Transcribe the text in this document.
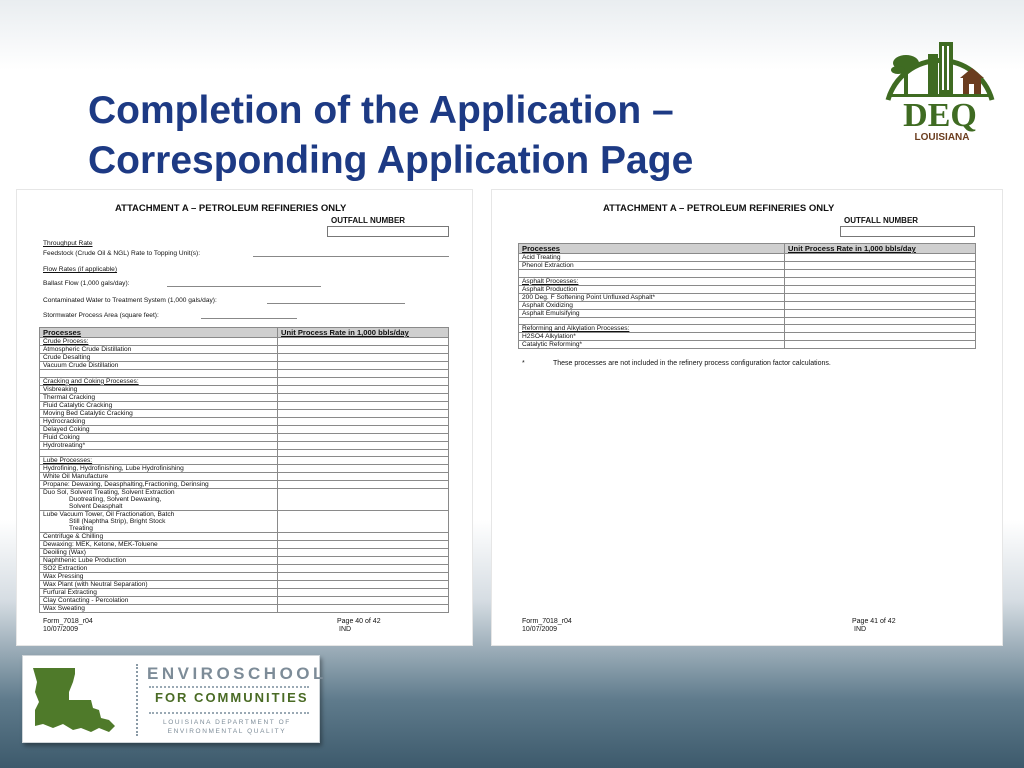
Completion of the Application –
Corresponding Application Page
DEQ
LOUISIANA
ATTACHMENT A – PETROLEUM REFINERIES ONLY
OUTFALL NUMBER
Throughput Rate
Feedstock (Crude Oil & NGL) Rate to Topping Unit(s):
Flow Rates (if applicable)
Ballast Flow (1,000 gals/day):
Contaminated Water to Treatment System (1,000 gals/day):
Stormwater Process Area (square feet):
Processes	Unit Process Rate in 1,000 bbls/day

Crude Process:	

Atmospheric Crude Distillation	

Crude Desalting	

Vacuum Crude Distillation	

Cracking and Coking Processes:	

Visbreaking	

Thermal Cracking	

Fluid Catalytic Cracking	

Moving Bed Catalytic Cracking	

Hydrocracking	

Delayed Coking	

Fluid Coking	

Hydrotreating*	

Lube Processes:	

Hydrofining, Hydrofinishing, Lube Hydrofinishing	

White Oil Manufacture	

Propane: Dewaxing, Deasphalting,Fractioning, Derinsing	

Duo Sol, Solvent Treating, Solvent Extraction
Duotreating, Solvent Dewaxing,
Solvent Deasphalt	

Lube Vacuum Tower, Oil Fractionation, Batch
Still (Naphtha Strip), Bright Stock
Treating	

Centrifuge & Chilling	

Dewaxing: MEK, Ketone, MEK-Toluene	

Deoiling (Wax)	

Naphthenic Lube Production	

SO2 Extraction	

Wax Pressing	

Wax Plant (with Neutral Separation)	

Furfural Extracting	

Clay Contacting - Percolation	

Wax Sweating	

Form_7018_r04
10/07/2009
Page 40 of 42
IND
ATTACHMENT A – PETROLEUM REFINERIES ONLY
OUTFALL NUMBER
Processes	Unit Process Rate in 1,000 bbls/day

Acid Treating	

Phenol Extraction	

Asphalt Processes:	

Asphalt Production	

200 Deg. F Softening Point Unfluxed Asphalt*	

Asphalt Oxidizing	

Asphalt Emulsifying	

Reforming and Alkylation Processes:	

H2SO4 Alkylation*	

Catalytic Reforming*	

*	These processes are not included in the refinery process configuration factor calculations.
Form_7018_r04
10/07/2009
Page 41 of 42
IND
ENVIROSCHOOL
FOR COMMUNITIES
LOUISIANA DEPARTMENT OF
ENVIRONMENTAL QUALITY
